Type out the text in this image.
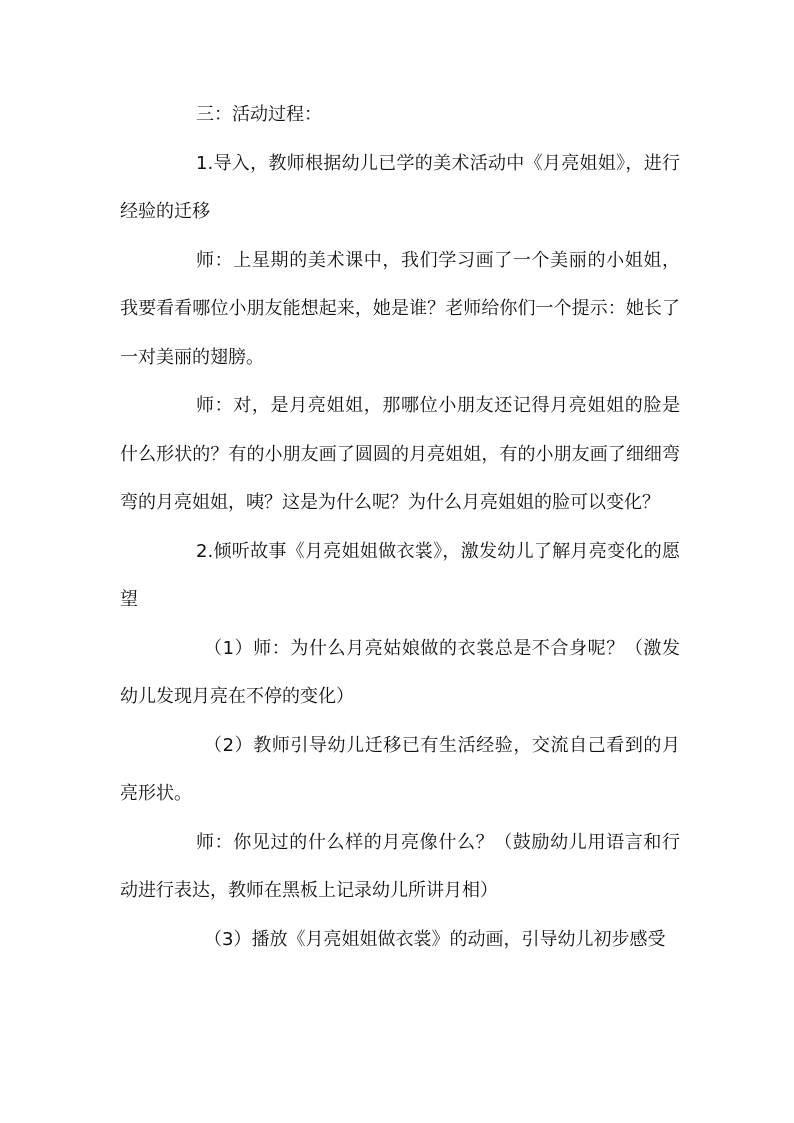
三：活动过程：

1.导入，教师根据幼儿已学的美术活动中《月亮姐姐》，进行经验的迁移

师：上星期的美术课中，我们学习画了一个美丽的小姐姐，我要看看哪位小朋友能想起来，她是谁？老师给你们一个提示：她长了一对美丽的翅膀。

师：对，是月亮姐姐，那哪位小朋友还记得月亮姐姐的脸是什么形状的？有的小朋友画了圆圆的月亮姐姐，有的小朋友画了细细弯弯的月亮姐姐，咦？这是为什么呢？为什么月亮姐姐的脸可以变化？

2.倾听故事《月亮姐姐做衣裳》，激发幼儿了解月亮变化的愿望

（1）师：为什么月亮姑娘做的衣裳总是不合身呢？（激发幼儿发现月亮在不停的变化）

（2）教师引导幼儿迁移已有生活经验，交流自己看到的月亮形状。

师：你见过的什么样的月亮像什么？（鼓励幼儿用语言和行动进行表达，教师在黑板上记录幼儿所讲月相）

（3）播放《月亮姐姐做衣裳》的动画，引导幼儿初步感受
